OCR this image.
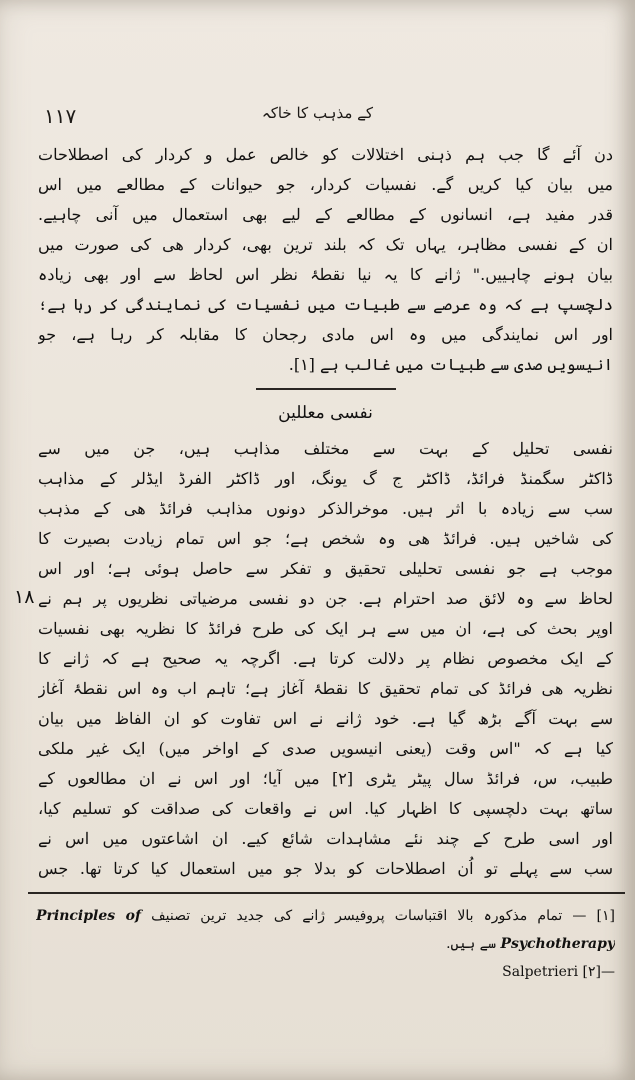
۱۱۷	کے مذہب کا خاکہ
۱۸
دن آئے گا جب ہم ذہنی اختلالات کو خالص عمل و کردار کی اصطلاحات
میں بیان کیا کریں گے. نفسیات کردار، جو حیوانات کے مطالعے میں اس
قدر مفید ہے، انسانوں کے مطالعے کے لیے بھی استعمال میں آنی چاہیے.
ان کے نفسی مظاہر، یہاں تک کہ بلند ترین بھی، کردار ھی کی صورت میں
بیان ہونے چاہییں." ژانے کا یہ نیا نقطۂ نظر اس لحاظ سے اور بھی زیادہ
دلچسپ ہے کہ وہ عرصے سے طبیات میں نفسیات کی نمایندگی کر رہا ہے؛
اور اس نمایندگی میں وہ اس مادی رجحان کا مقابلہ کر رہا ہے، جو
انیسویں صدی سے طبیات میں غالب ہے [۱].
نفسی معللین
نفسی تحلیل کے بہت سے مختلف مذاہب ہیں، جن میں سے
ڈاکٹر سگمنڈ فرائڈ، ڈاکٹر ج گ یونگ، اور ڈاکٹر الفرڈ ایڈلر کے مذاہب
سب سے زیادہ با اثر ہیں. موخرالذکر دونوں مذاہب فرائڈ ھی کے مذہب
کی شاخیں ہیں. فرائڈ ھی وہ شخص ہے؛ جو اس تمام زیادت بصیرت کا
موجب ہے جو نفسی تحلیلی تحقیق و تفکر سے حاصل ہوئی ہے؛ اور اس
لحاظ سے وہ لائق صد احترام ہے. جن دو نفسی مرضیاتی نظریوں پر ہم نے
اوپر بحث کی ہے، ان میں سے ہر ایک کی طرح فرائڈ کا نظریہ بھی نفسیات
کے ایک مخصوص نظام پر دلالت کرتا ہے. اگرچہ یہ صحیح ہے کہ ژانے کا
نظریہ ھی فرائڈ کی تمام تحقیق کا نقطۂ آغاز ہے؛ تاہم اب وہ اس نقطۂ آغاز
سے بہت آگے بڑھ گیا ہے. خود ژانے نے اس تفاوت کو ان الفاظ میں بیان
کیا ہے کہ "اس وقت (یعنی انیسویں صدی کے اواخر میں) ایک غیر ملکی
طبیب، س، فرائڈ سال پیٹر یٹری [۲] میں آیا؛ اور اس نے ان مطالعوں کے
ساتھ بہت دلچسپی کا اظہار کیا. اس نے واقعات کی صداقت کو تسلیم کیا،
اور اسی طرح کے چند نئے مشاہدات شائع کیے. ان اشاعتوں میں اس نے
سب سے پہلے تو اُن اصطلاحات کو بدلا جو میں استعمال کیا کرتا تھا. جس
[۱] — تمام مذکورہ بالا اقتباسات پروفیسر ژانے کی جدید ترین تصنیف Principles of
Psychotherapy سے ہیں.
—[۲] Salpetrieri
